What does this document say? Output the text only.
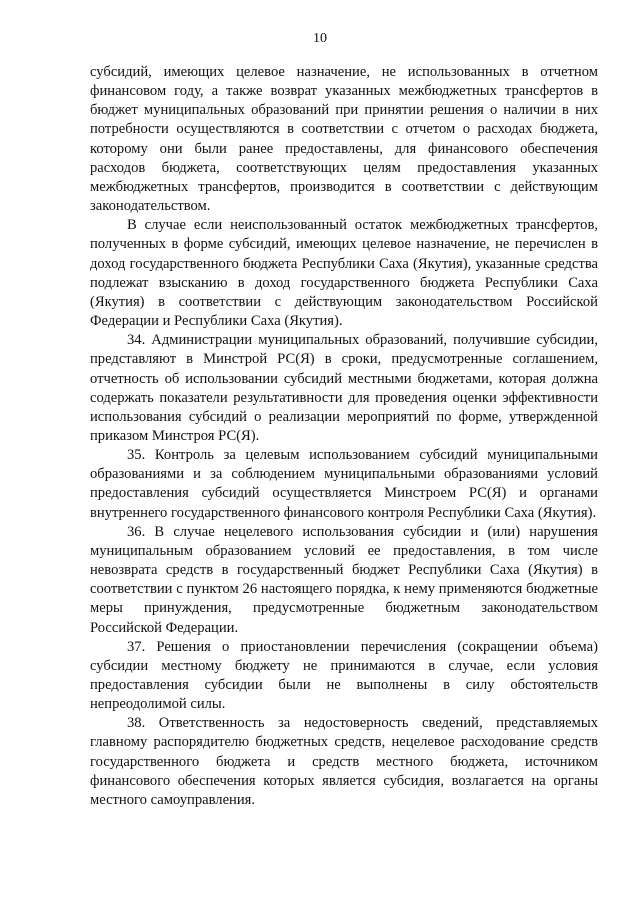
10

субсидий, имеющих целевое назначение, не использованных в отчетном финансовом году, а также возврат указанных межбюджетных трансфертов в бюджет муниципальных образований при принятии решения о наличии в них потребности осуществляются в соответствии с отчетом о расходах бюджета, которому они были ранее предоставлены, для финансового обеспечения расходов бюджета, соответствующих целям предоставления указанных межбюджетных трансфертов, производится в соответствии с действующим законодательством.

В случае если неиспользованный остаток межбюджетных трансфертов, полученных в форме субсидий, имеющих целевое назначение, не перечислен в доход государственного бюджета Республики Саха (Якутия), указанные средства подлежат взысканию в доход государственного бюджета Республики Саха (Якутия) в соответствии с действующим законодательством Российской Федерации и Республики Саха (Якутия).

34. Администрации муниципальных образований, получившие субсидии, представляют в Минстрой РС(Я) в сроки, предусмотренные соглашением, отчетность об использовании субсидий местными бюджетами, которая должна содержать показатели результативности для проведения оценки эффективности использования субсидий о реализации мероприятий по форме, утвержденной приказом Минстроя РС(Я).

35. Контроль за целевым использованием субсидий муниципальными образованиями и за соблюдением муниципальными образованиями условий предоставления субсидий осуществляется Минстроем РС(Я) и органами внутреннего государственного финансового контроля Республики Саха (Якутия).

36. В случае нецелевого использования субсидии и (или) нарушения муниципальным образованием условий ее предоставления, в том числе невозврата средств в государственный бюджет Республики Саха (Якутия) в соответствии с пунктом 26 настоящего порядка, к нему применяются бюджетные меры принуждения, предусмотренные бюджетным законодательством Российской Федерации.

37. Решения о приостановлении перечисления (сокращении объема) субсидии местному бюджету не принимаются в случае, если условия предоставления субсидии были не выполнены в силу обстоятельств непреодолимой силы.

38. Ответственность за недостоверность сведений, представляемых главному распорядителю бюджетных средств, нецелевое расходование средств государственного бюджета и средств местного бюджета, источником финансового обеспечения которых является субсидия, возлагается на органы местного самоуправления.
